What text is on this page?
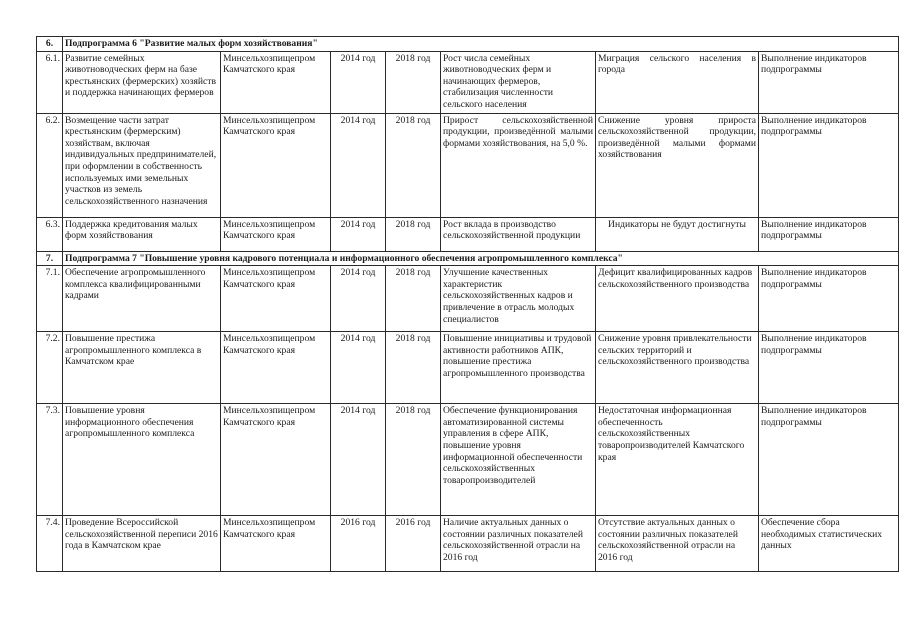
6.	Подпрограмма 6 "Развитие малых форм хозяйствования"						
6.1.	Развитие семейных животноводческих ферм на базе крестьянских (фермерских) хозяйств и поддержка начинающих фермеров	Минсельхозпищепром Камчатского края	2014 год	2018 год	Рост числа семейных животноводческих ферм и начинающих фермеров, стабилизация численности сельского населения	Миграция сельского населения в города	Выполнение индикаторов подпрограммы
6.2.	Возмещение части затрат крестьянским (фермерским) хозяйствам, включая индивидуальных предпринимателей, при оформлении в собственность используемых ими земельных участков из земель сельскохозяйственного назначения	Минсельхозпищепром Камчатского края	2014 год	2018 год	Прирост сельскохозяйственной продукции, произведённой малыми формами хозяйствования, на 5,0 %.	Снижение уровня прироста сельскохозяйственной продукции, произведённой малыми формами хозяйствования	Выполнение индикаторов подпрограммы
6.3.	Поддержка кредитования малых форм хозяйствования	Минсельхозпищепром Камчатского края	2014 год	2018 год	Рост вклада в производство сельскохозяйственной продукции	Индикаторы не будут достигнуты	Выполнение индикаторов подпрограммы
7.	Подпрограмма 7 "Повышение уровня кадрового потенциала и информационного обеспечения агропромышленного комплекса"						
7.1.	Обеспечение агропромышленного комплекса квалифицированными кадрами	Минсельхозпищепром Камчатского края	2014 год	2018 год	Улучшение качественных характеристик сельскохозяйственных кадров и привлечение в отрасль молодых специалистов	Дефицит квалифицированных кадров сельскохозяйственного производства	Выполнение индикаторов подпрограммы
7.2.	Повышение престижа агропромышленного комплекса в Камчатском крае	Минсельхозпищепром Камчатского края	2014 год	2018 год	Повышение инициативы и трудовой активности работников АПК, повышение престижа агропромышленного производства	Снижение уровня привлекательности сельских территорий и сельскохозяйственного производства	Выполнение индикаторов подпрограммы
7.3.	Повышение уровня информационного обеспечения агропромышленного комплекса	Минсельхозпищепром Камчатского края	2014 год	2018 год	Обеспечение функционирования автоматизированной системы управления в сфере АПК, повышение уровня информационной обеспеченности сельскохозяйственных товаропроизводителей	Недостаточная информационная обеспеченность сельскохозяйственных товаропроизводителей Камчатского края	Выполнение индикаторов подпрограммы
7.4.	Проведение Всероссийской сельскохозяйственной переписи 2016 года в Камчатском крае	Минсельхозпищепром Камчатского края	2016 год	2016 год	Наличие актуальных данных о состоянии различных показателей сельскохозяйственной отрасли на 2016 год	Отсутствие актуальных данных о состоянии различных показателей сельскохозяйственной отрасли на 2016 год	Обеспечение сбора необходимых статистических данных
